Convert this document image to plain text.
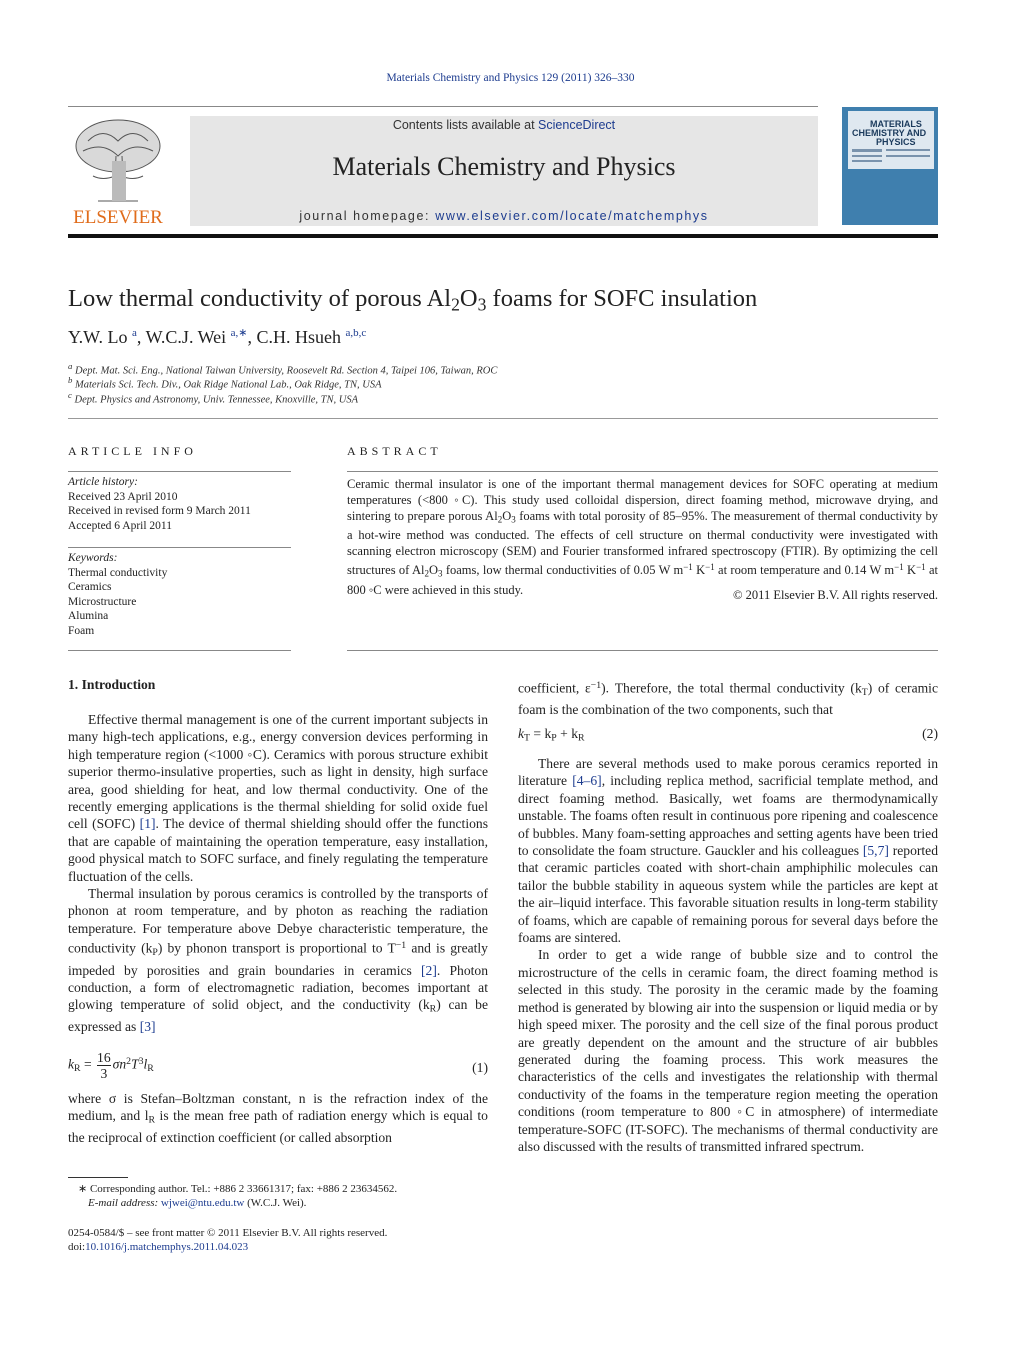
Materials Chemistry and Physics 129 (2011) 326–330
ELSEVIER
Contents lists available at ScienceDirect
Materials Chemistry and Physics
journal homepage: www.elsevier.com/locate/matchemphys
MATERIALS CHEMISTRY AND PHYSICS
Low thermal conductivity of porous $Al_2O_3$ foams for SOFC insulation
Y.W. Lo $^a$, W.C.J. Wei $^{a,∗}$, C.H. Hsueh $^{a,b,c}$
$^a$ Dept. Mat. Sci. Eng., National Taiwan University, Roosevelt Rd. Section 4, Taipei 106, Taiwan, ROC
$^b$ Materials Sci. Tech. Div., Oak Ridge National Lab., Oak Ridge, TN, USA
$^c$ Dept. Physics and Astronomy, Univ. Tennessee, Knoxville, TN, USA
ARTICLE INFO
Article history:
Received 23 April 2010
Received in revised form 9 March 2011
Accepted 6 April 2011
Keywords:
Thermal conductivity
Ceramics
Microstructure
Alumina
Foam
ABSTRACT
Ceramic thermal insulator is one of the important thermal management devices for SOFC operating at medium temperatures (<800 ◦C). This study used colloidal dispersion, direct foaming method, microwave drying, and sintering to prepare porous $Al_2O_3$ foams with total porosity of 85–95%. The measurement of thermal conductivity by a hot-wire method was conducted. The effects of cell structure on thermal conductivity were investigated with scanning electron microscopy (SEM) and Fourier transformed infrared spectroscopy (FTIR). By optimizing the cell structures of $Al_2O_3$ foams, low thermal conductivities of 0.05 W $m^{-1}$ $K^{-1}$ at room temperature and 0.14 W $m^{-1}$ $K^{-1}$ at 800 ◦C were achieved in this study.	© 2011 Elsevier B.V. All rights reserved.
1. Introduction

Effective thermal management is one of the current important subjects in many high-tech applications, e.g., energy conversion devices performing in high temperature region (<1000 ◦C). Ceramics with porous structure exhibit superior thermo-insulative properties, such as light in density, high surface area, good shielding for heat, and low thermal conductivity. One of the recently emerging applications is the thermal shielding for solid oxide fuel cell (SOFC) [1]. The device of thermal shielding should offer the functions that are capable of maintaining the operation temperature, easy installation, good physical match to SOFC surface, and finely regulating the temperature fluctuation of the cells.

Thermal insulation by porous ceramics is controlled by the transports of phonon at room temperature, and by photon as reaching the radiation temperature. For temperature above Debye characteristic temperature, the conductivity $(k_P)$ by phonon transport is proportional to $T^{-1}$ and is greatly impeded by porosities and grain boundaries in ceramics [2]. Photon conduction, a form of electromagnetic radiation, becomes important at glowing temperature of solid object, and the conductivity $(k_R)$ can be expressed as [3]

$k_R = \frac{16}{3} \sigma n^2T^3l_R$	(1)

where σ is Stefan–Boltzman constant, n is the refraction index of the medium, and $l_R$ is the mean free path of radiation energy which is equal to the reciprocal of extinction coefficient (or called absorption

coefficient, $\varepsilon^{-1}$). Therefore, the total thermal conductivity $(k_T)$ of ceramic foam is the combination of the two components, such that

$k_T = k_P + k_R$	(2)

There are several methods used to make porous ceramics reported in literature [4–6], including replica method, sacrificial template method, and direct foaming method. Basically, wet foams are thermodynamically unstable. The foams often result in continuous pore ripening and coalescence of bubbles. Many foam-setting approaches and setting agents have been tried to consolidate the foam structure. Gauckler and his colleagues [5,7] reported that ceramic particles coated with short-chain amphiphilic molecules can tailor the bubble stability in aqueous system while the particles are kept at the air–liquid interface. This favorable situation results in long-term stability of foams, which are capable of remaining porous for several days before the foams are sintered.

In order to get a wide range of bubble size and to control the microstructure of the cells in ceramic foam, the direct foaming method is selected in this study. The porosity in the ceramic made by the foaming method is generated by blowing air into the suspension or liquid media or by high speed mixer. The porosity and the cell size of the final porous product are greatly dependent on the amount and the structure of air bubbles generated during the foaming process. This work measures the characteristics of the cells and investigates the relationship with thermal conductivity of the foams in the temperature region meeting the operation conditions (room temperature to 800 ◦C in atmosphere) of intermediate temperature-SOFC (IT-SOFC). The mechanisms of thermal conductivity are also discussed with the results of transmitted infrared spectrum.

∗ Corresponding author. Tel.: +886 2 33661317; fax: +886 2 23634562.
E-mail address: wjwei@ntu.edu.tw (W.C.J. Wei).
0254-0584/$ – see front matter © 2011 Elsevier B.V. All rights reserved.
doi:10.1016/j.matchemphys.2011.04.023
